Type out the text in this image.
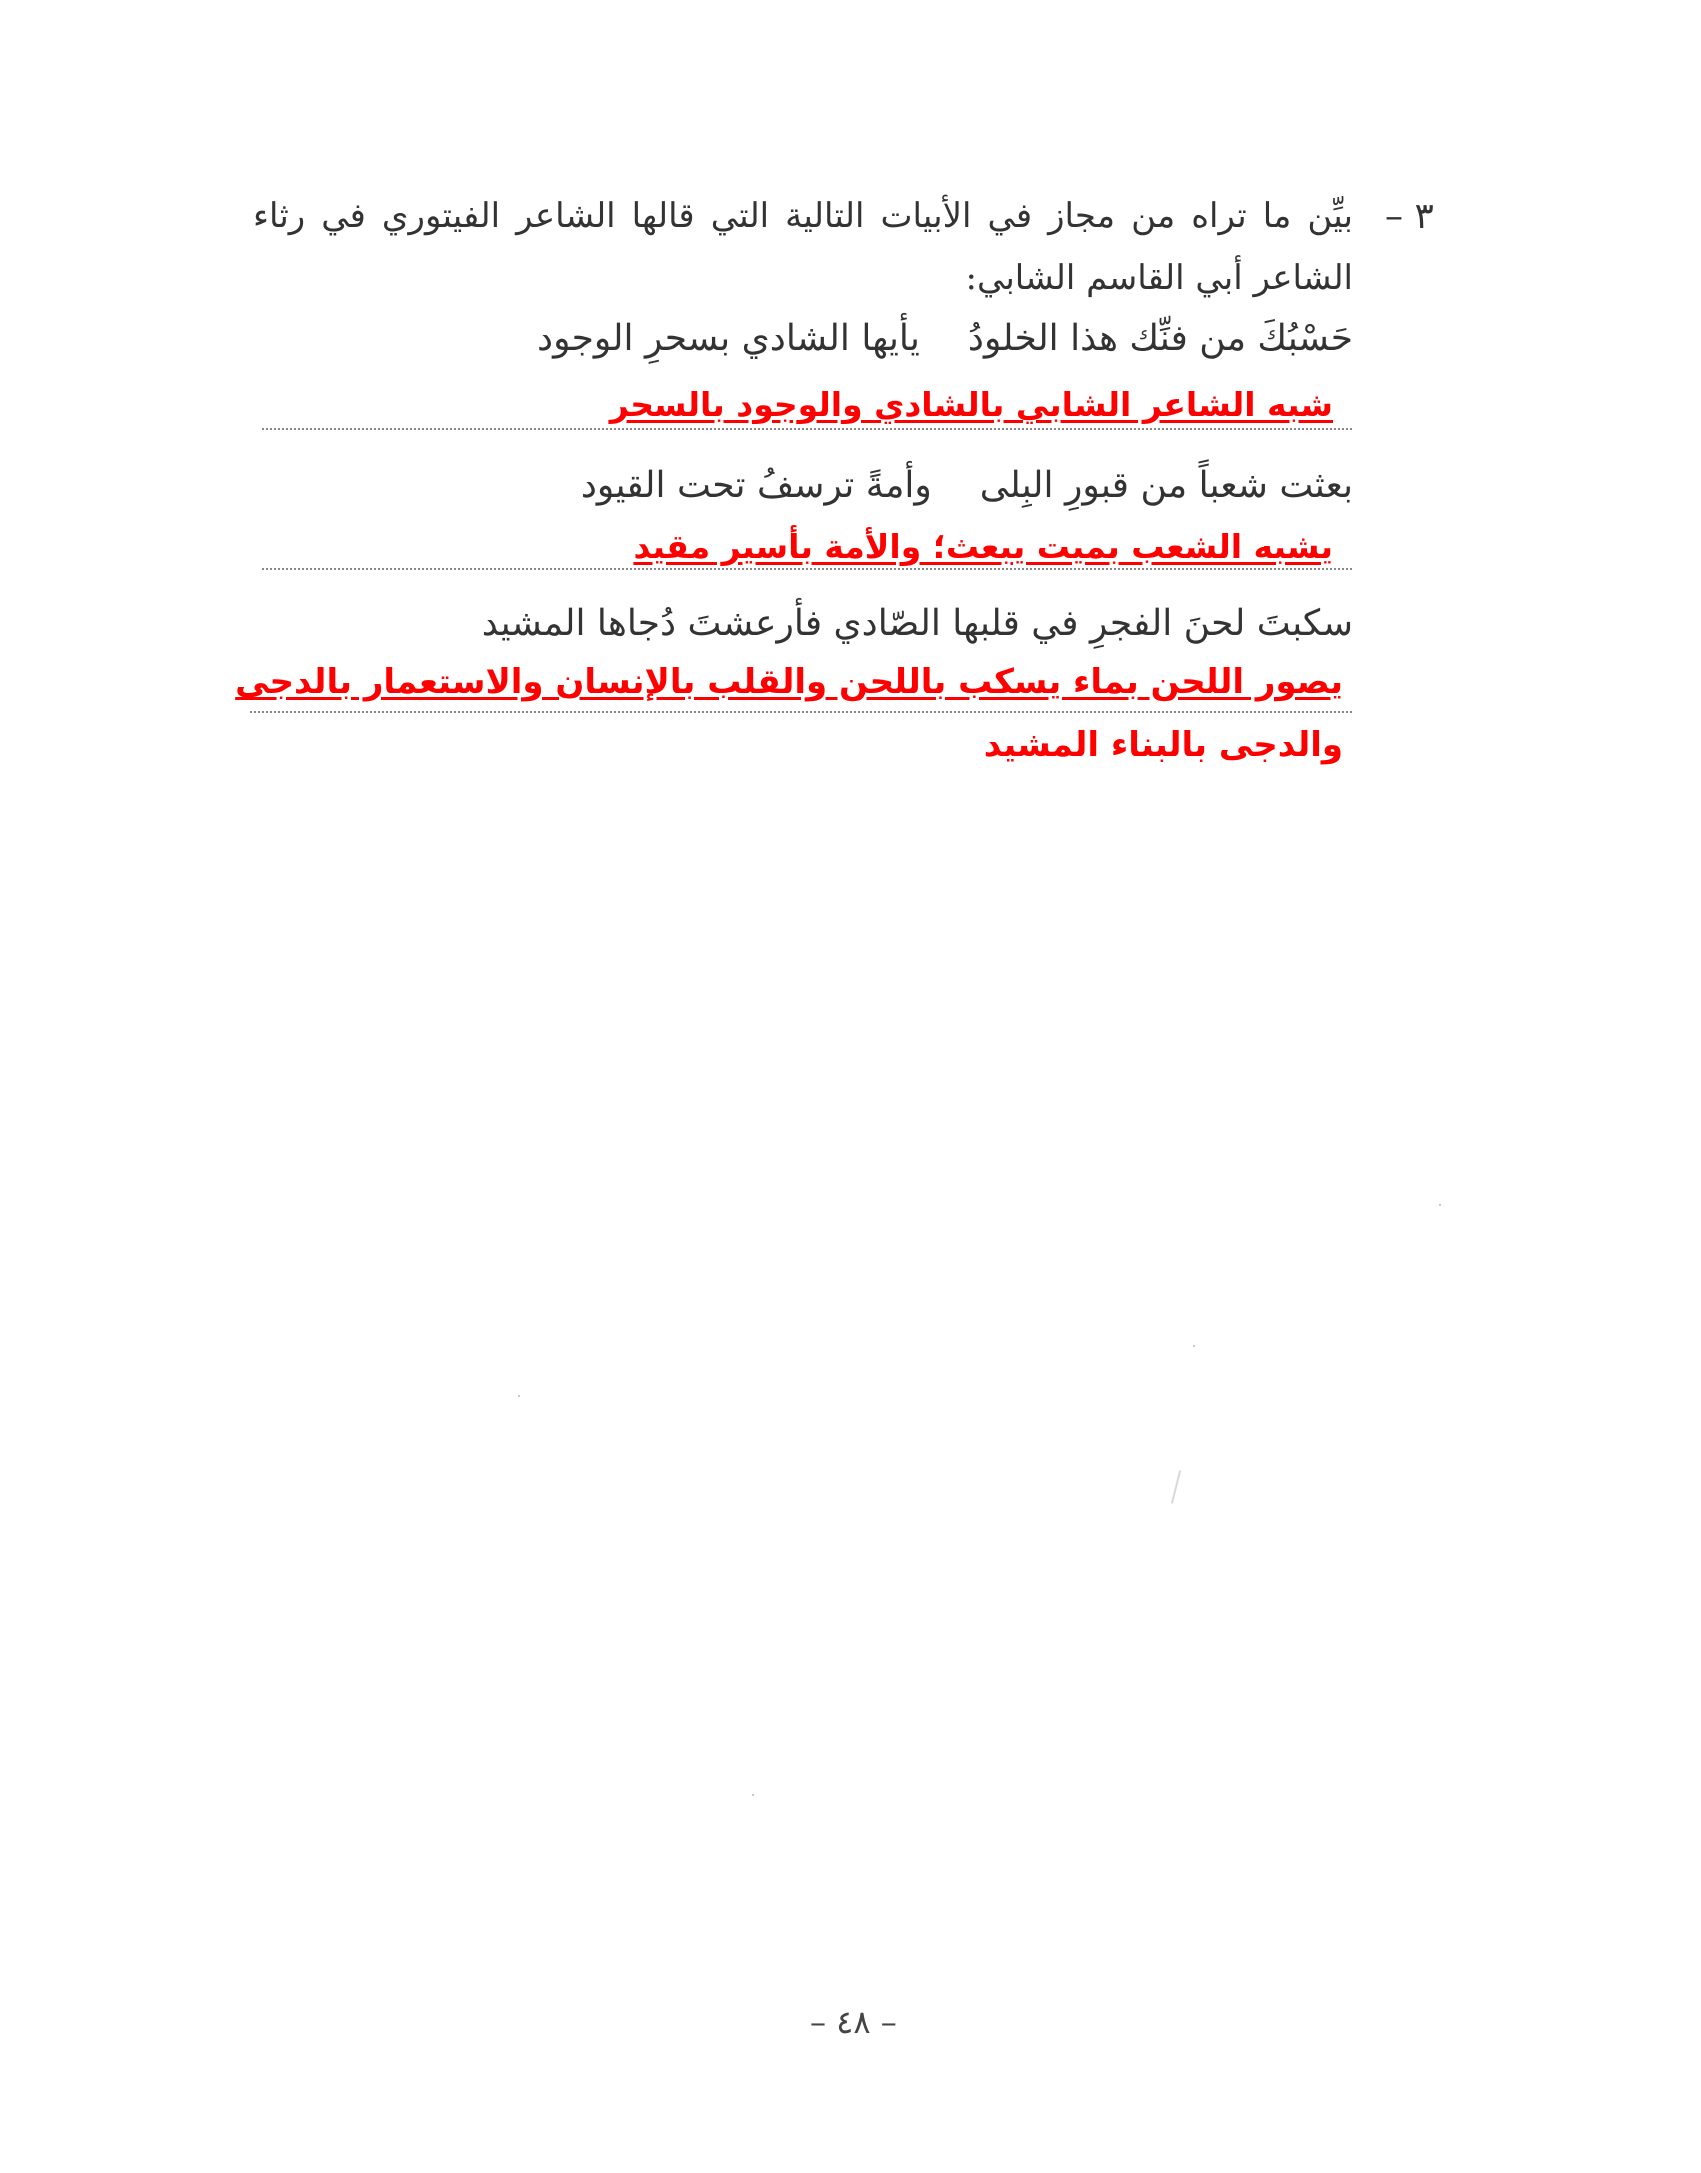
٣ –
بيِّن ما تراه من مجاز في الأبيات التالية التي قالها الشاعر الفيتوري في رثاء
الشاعر أبي القاسم الشابي:
حَسْبُكَ من فنِّك هذا الخلودُيأيها الشادي بسحرِ الوجود
شبه الشاعر الشابي بالشادي والوجود بالسحر
بعثت شعباً من قبورِ البِلىوأمةً ترسفُ تحت القيود
يشبه الشعب بميت يبعث؛ والأمة بأسير مقيد
سكبتَ لحنَ الفجرِ في قلبها الصّادي فأرعشتَ دُجاها المشيد
يصور اللحن بماء يسكب باللحن والقلب بالإنسان والاستعمار بالدجى
والدجى بالبناء المشيد
– ٤٨ –
